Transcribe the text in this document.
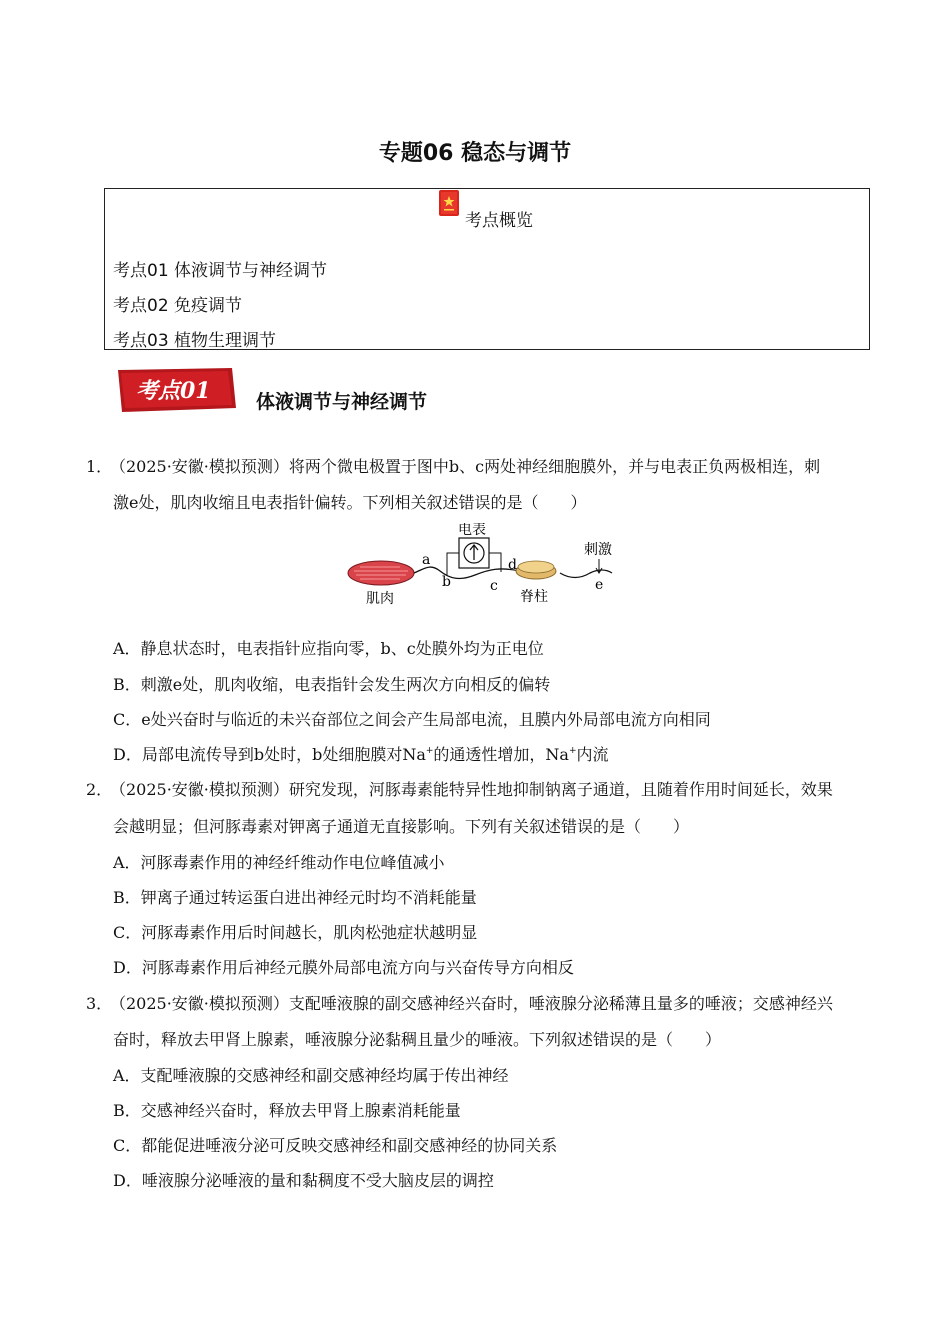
专题06 稳态与调节
考点概览
考点01 体液调节与神经调节
考点02 免疫调节
考点03 植物生理调节
考点01 体液调节与神经调节
1．
（2025·安徽·模拟预测）将两个微电极置于图中b、c两处神经细胞膜外，并与电表正负两极相连，刺
激e处，肌肉收缩且电表指针偏转。下列相关叙述错误的是（　　）
电表
刺激
肌肉	脊柱
a
b	c
d
e
A．静息状态时，电表指针应指向零，b、c处膜外均为正电位
B．刺激e处，肌肉收缩，电表指针会发生两次方向相反的偏转
C．e处兴奋时与临近的未兴奋部位之间会产生局部电流，且膜内外局部电流方向相同
D．局部电流传导到b处时，b处细胞膜对Na+的通透性增加，Na+内流
2．
（2025·安徽·模拟预测）研究发现，河豚毒素能特异性地抑制钠离子通道，且随着作用时间延长，效果
会越明显；但河豚毒素对钾离子通道无直接影响。下列有关叙述错误的是（　　）
A．河豚毒素作用的神经纤维动作电位峰值减小
B．钾离子通过转运蛋白进出神经元时均不消耗能量
C．河豚毒素作用后时间越长，肌肉松弛症状越明显
D．河豚毒素作用后神经元膜外局部电流方向与兴奋传导方向相反
3．
（2025·安徽·模拟预测）支配唾液腺的副交感神经兴奋时，唾液腺分泌稀薄且量多的唾液；交感神经兴
奋时，释放去甲肾上腺素，唾液腺分泌黏稠且量少的唾液。下列叙述错误的是（　　）
A．支配唾液腺的交感神经和副交感神经均属于传出神经
B．交感神经兴奋时，释放去甲肾上腺素消耗能量
C．都能促进唾液分泌可反映交感神经和副交感神经的协同关系
D．唾液腺分泌唾液的量和黏稠度不受大脑皮层的调控
